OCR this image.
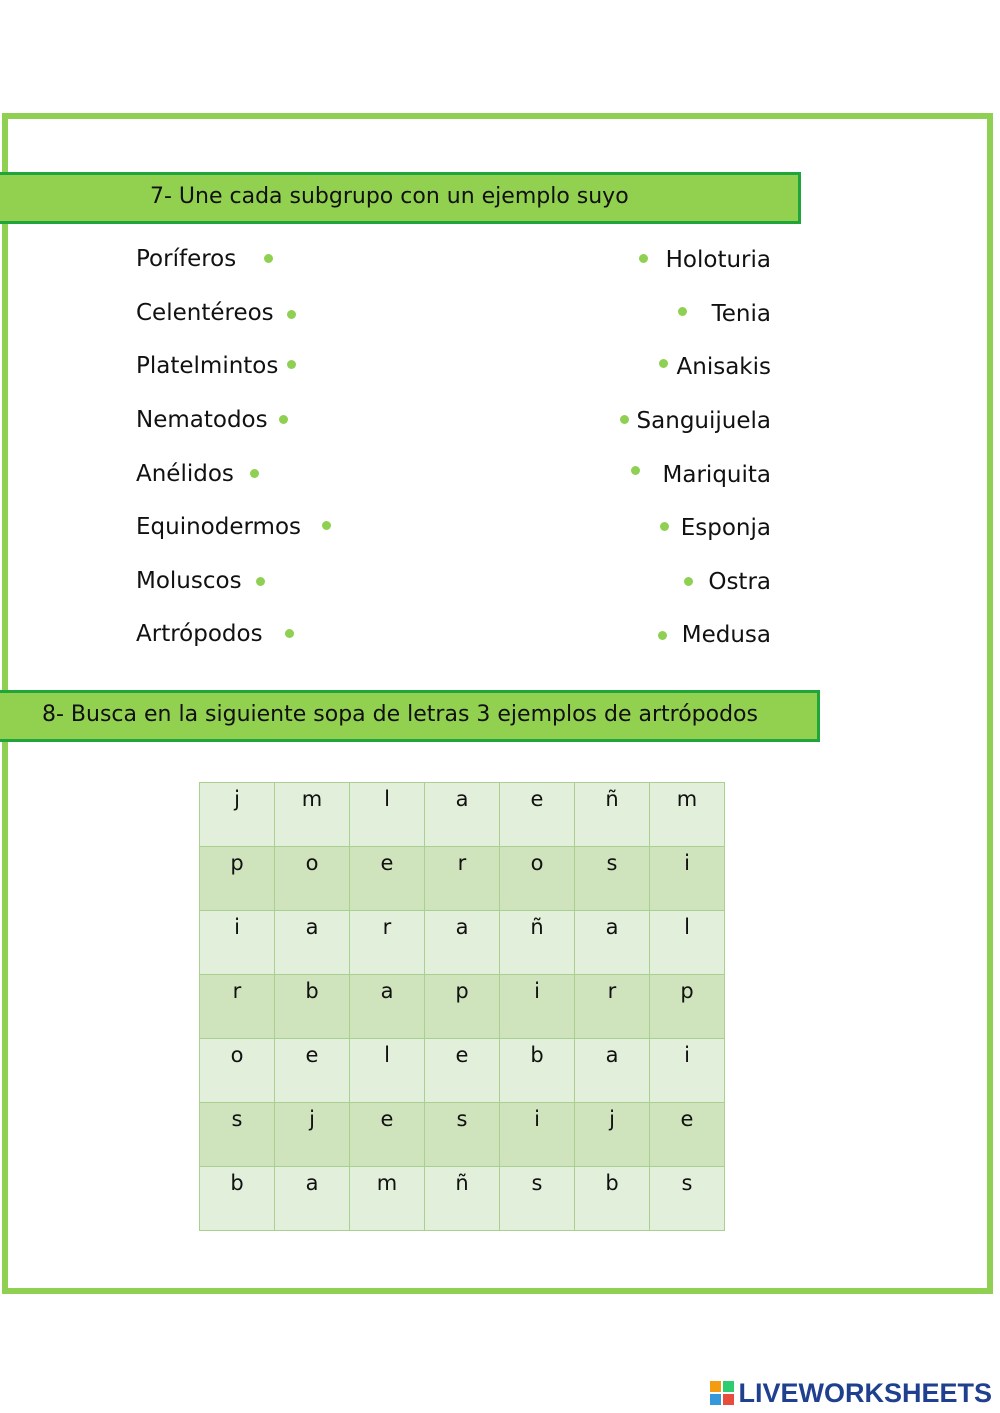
7- Une cada subgrupo con un ejemplo suyo
Poríferos
Celentéreos
Platelmintos
Nematodos
Anélidos
Equinodermos
Moluscos
Artrópodos
Holoturia
Tenia
Anisakis
Sanguijuela
Mariquita
Esponja
Ostra
Medusa
8- Busca en la siguiente sopa de letras 3 ejemplos de artrópodos
j	m	l	a	e	ñ	m
p	o	e	r	o	s	i
i	a	r	a	ñ	a	l
r	b	a	p	i	r	p
o	e	l	e	b	a	i
s	j	e	s	i	j	e
b	a	m	ñ	s	b	s
LIVEWORKSHEETS
